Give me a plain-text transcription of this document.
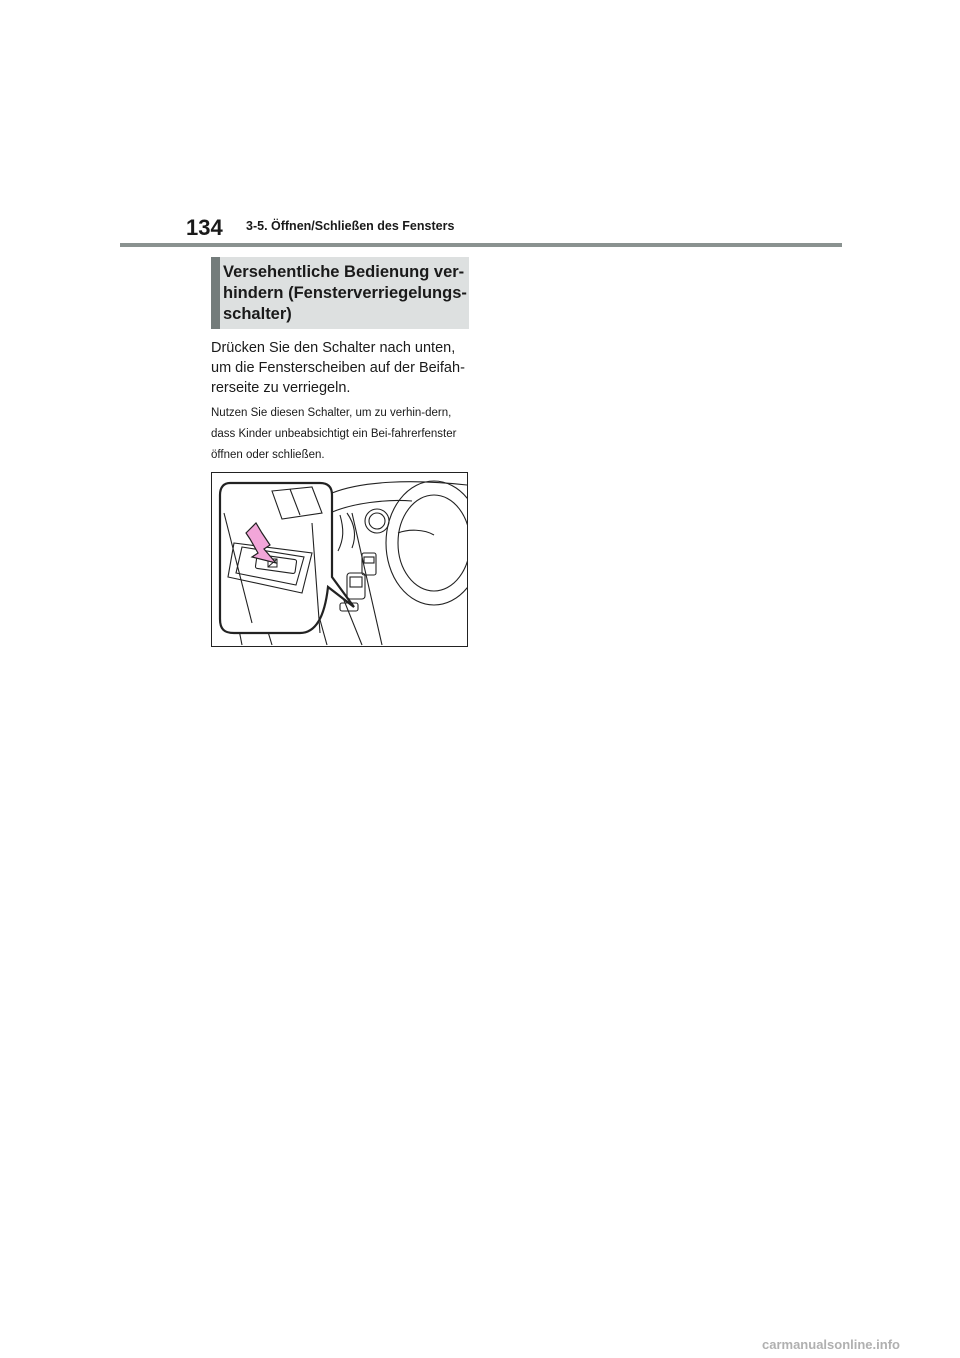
134 3-5. Öffnen/Schließen des Fensters
Versehentliche Bedienung ver-hindern (Fensterverriegelungs-schalter)
Drücken Sie den Schalter nach unten, um die Fensterscheiben auf der Beifah-rerseite zu verriegeln.
Nutzen Sie diesen Schalter, um zu verhin-dern, dass Kinder unbeabsichtigt ein Bei-fahrerfenster öffnen oder schließen.
carmanualsonline.info
